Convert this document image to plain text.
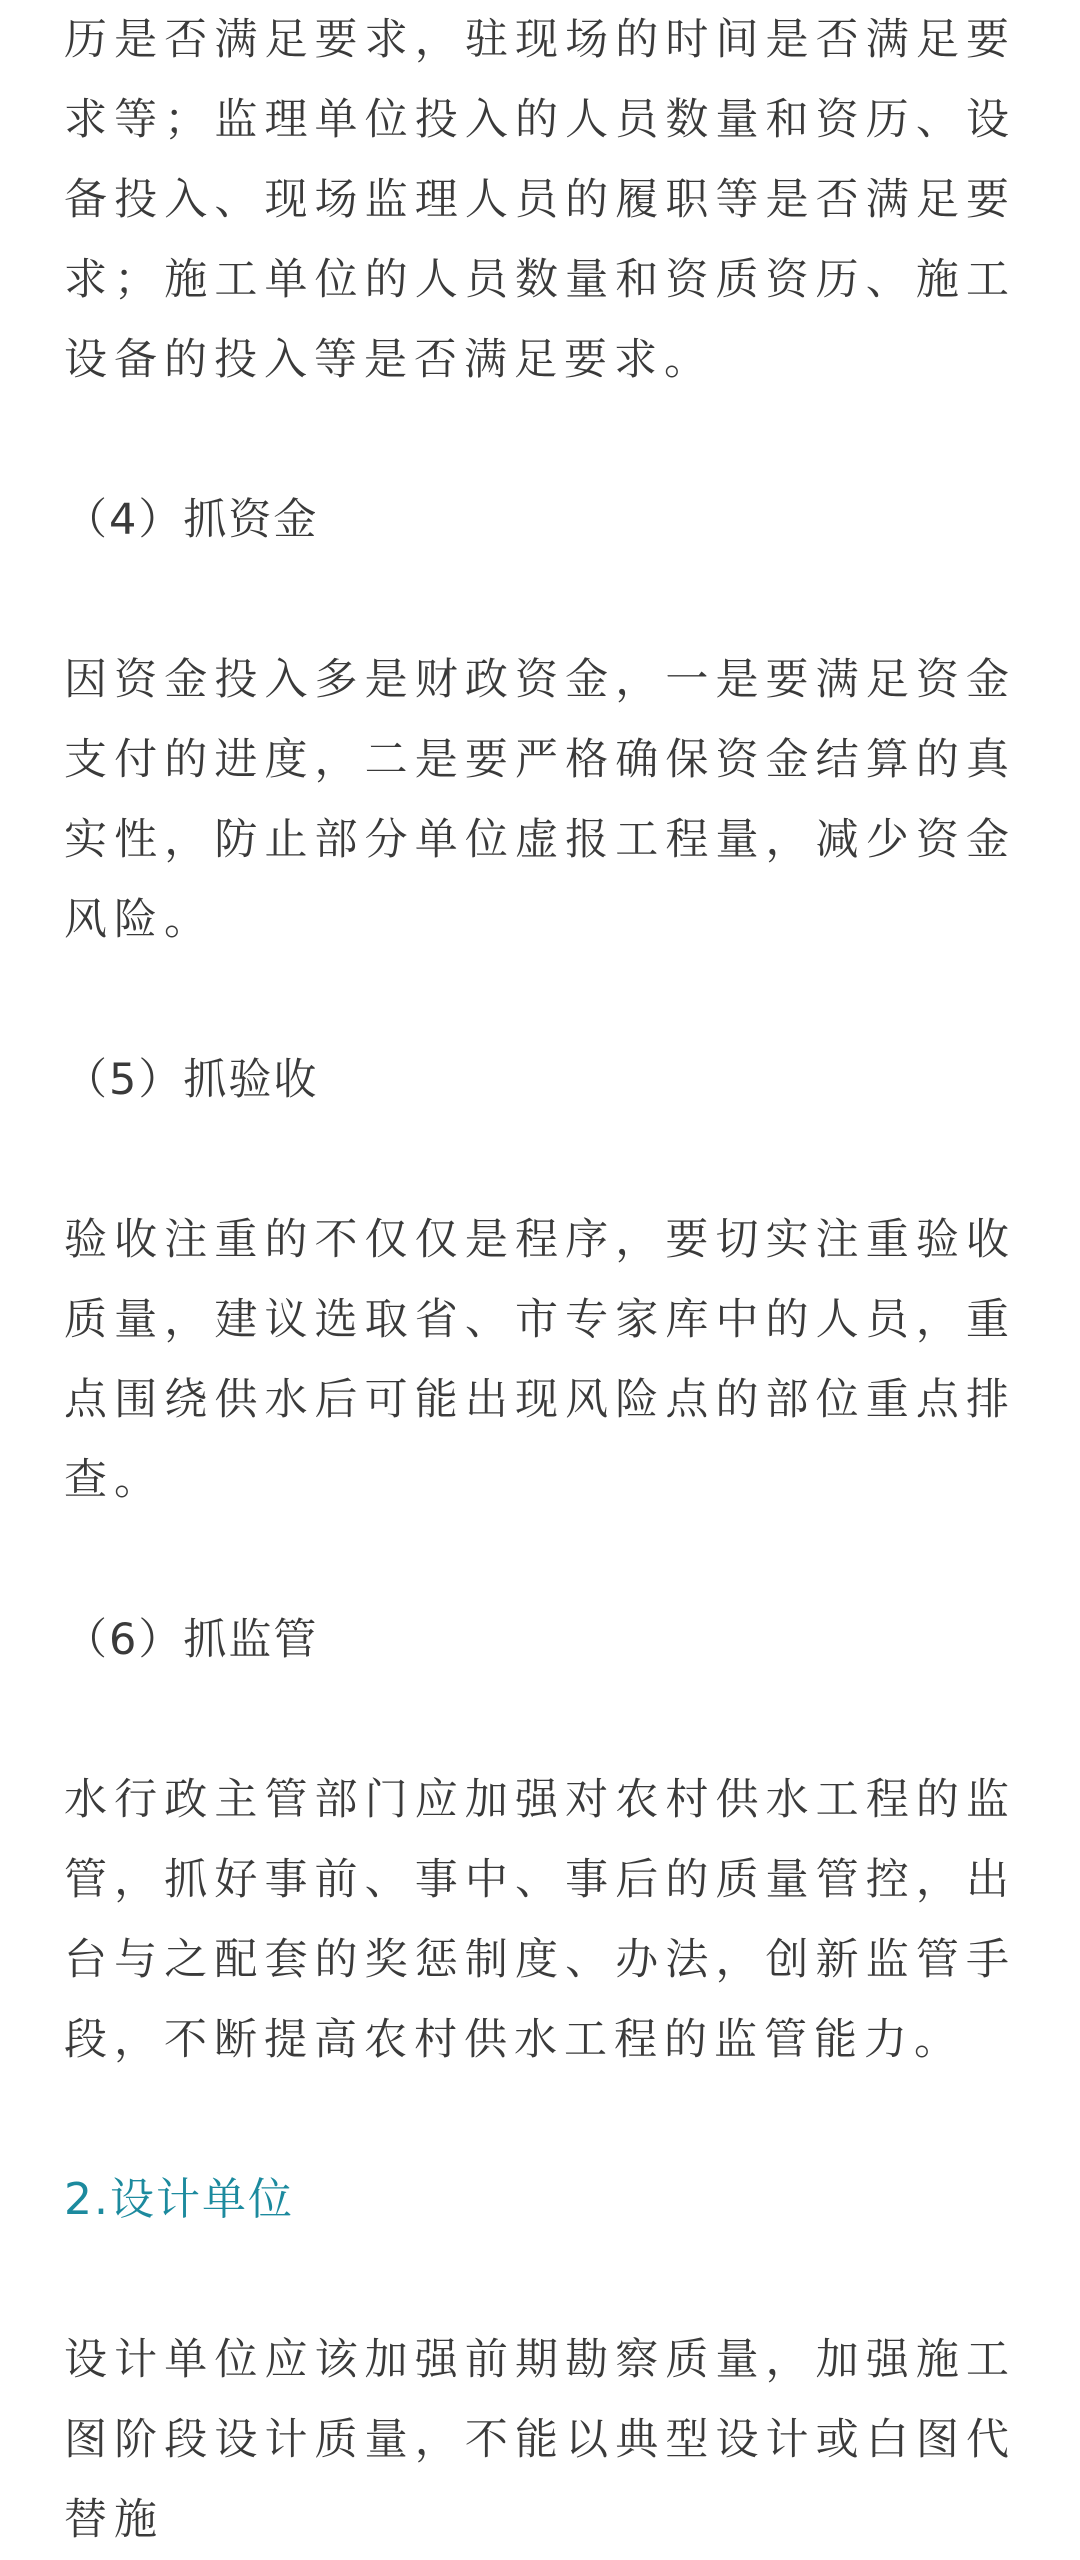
历是否满足要求，驻现场的时间是否满足要求等；监理单位投入的人员数量和资历、设备投入、现场监理人员的履职等是否满足要求；施工单位的人员数量和资质资历、施工设备的投入等是否满足要求。

（4）抓资金

因资金投入多是财政资金，一是要满足资金支付的进度，二是要严格确保资金结算的真实性，防止部分单位虚报工程量，减少资金风险。

（5）抓验收

验收注重的不仅仅是程序，要切实注重验收质量，建议选取省、市专家库中的人员，重点围绕供水后可能出现风险点的部位重点排查。

（6）抓监管

水行政主管部门应加强对农村供水工程的监管，抓好事前、事中、事后的质量管控，出台与之配套的奖惩制度、办法，创新监管手段，不断提高农村供水工程的监管能力。

2.设计单位

设计单位应该加强前期勘察质量，加强施工图阶段设计质量，不能以典型设计或白图代替施
